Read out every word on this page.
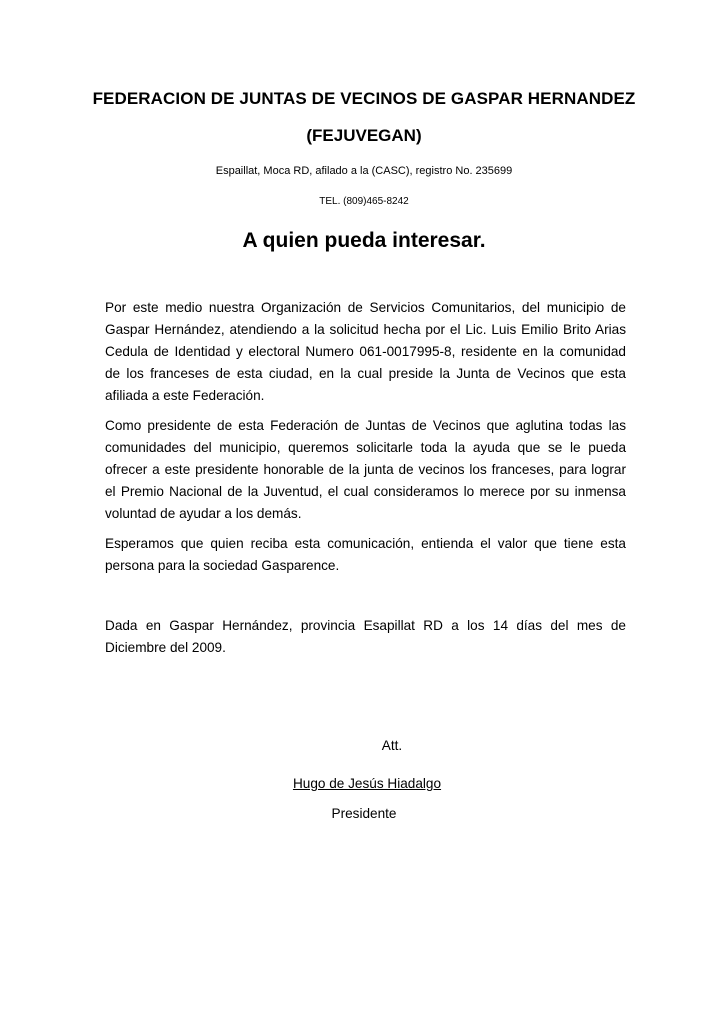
FEDERACION DE JUNTAS DE VECINOS DE GASPAR HERNANDEZ
(FEJUVEGAN)
Espaillat, Moca RD, afilado a la (CASC), registro No. 235699
TEL. (809)465-8242
A quien pueda interesar.

Por este medio nuestra Organización de Servicios Comunitarios, del municipio de Gaspar Hernández, atendiendo a la solicitud hecha por el Lic. Luis Emilio Brito Arias Cedula de Identidad y electoral Numero 061-0017995-8, residente en la comunidad de los franceses de esta ciudad, en la cual preside la Junta de Vecinos que esta afiliada a este Federación.

Como presidente de esta Federación de Juntas de Vecinos que aglutina todas las comunidades del municipio, queremos solicitarle toda la ayuda que se le pueda ofrecer a este presidente honorable de la junta de vecinos los franceses, para lograr el Premio Nacional de la Juventud, el cual consideramos lo merece por su inmensa voluntad de ayudar a los demás.

Esperamos que quien reciba esta comunicación, entienda el valor que tiene esta persona para la sociedad Gasparence.

Dada en Gaspar Hernández, provincia Esapillat RD a los 14 días del mes de Diciembre del 2009.

Att.
Hugo de Jesús Hiadalgo
Presidente
